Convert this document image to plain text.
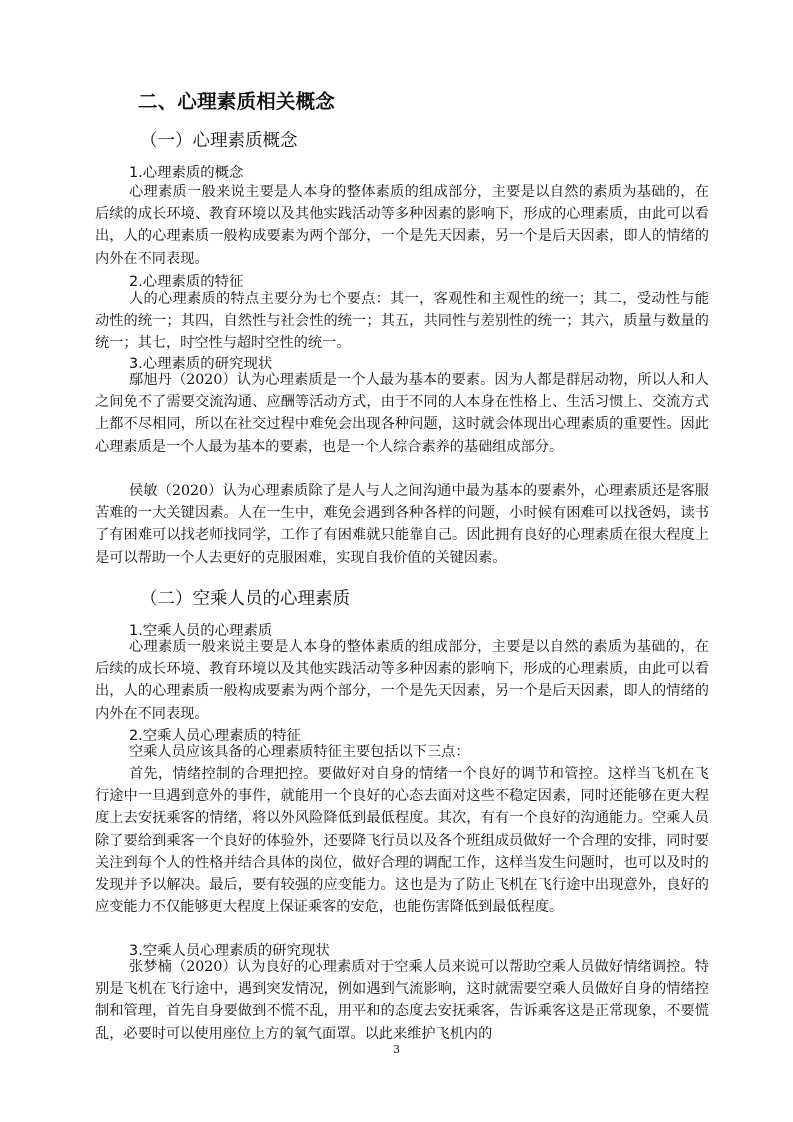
二、心理素质相关概念
（一）心理素质概念
1.心理素质的概念

心理素质一般来说主要是人本身的整体素质的组成部分，主要是以自然的素质为基础的，在后续的成长环境、教育环境以及其他实践活动等多种因素的影响下，形成的心理素质，由此可以看出，人的心理素质一般构成要素为两个部分，一个是先天因素，另一个是后天因素，即人的情绪的内外在不同表现。

2.心理素质的特征

人的心理素质的特点主要分为七个要点：其一，客观性和主观性的统一；其二，受动性与能动性的统一；其四，自然性与社会性的统一；其五，共同性与差别性的统一；其六，质量与数量的统一；其七，时空性与超时空性的统一。

3.心理素质的研究现状

鄢旭丹（2020）认为心理素质是一个人最为基本的要素。因为人都是群居动物，所以人和人之间免不了需要交流沟通、应酬等活动方式，由于不同的人本身在性格上、生活习惯上、交流方式上都不尽相同，所以在社交过程中难免会出现各种问题，这时就会体现出心理素质的重要性。因此心理素质是一个人最为基本的要素，也是一个人综合素养的基础组成部分。

侯敏（2020）认为心理素质除了是人与人之间沟通中最为基本的要素外，心理素质还是客服苦难的一大关键因素。人在一生中，难免会遇到各种各样的问题，小时候有困难可以找爸妈，读书了有困难可以找老师找同学，工作了有困难就只能靠自己。因此拥有良好的心理素质在很大程度上是可以帮助一个人去更好的克服困难，实现自我价值的关键因素。

（二）空乘人员的心理素质
1.空乘人员的心理素质

心理素质一般来说主要是人本身的整体素质的组成部分，主要是以自然的素质为基础的，在后续的成长环境、教育环境以及其他实践活动等多种因素的影响下，形成的心理素质，由此可以看出，人的心理素质一般构成要素为两个部分，一个是先天因素，另一个是后天因素，即人的情绪的内外在不同表现。

2.空乘人员心理素质的特征

空乘人员应该具备的心理素质特征主要包括以下三点：

首先，情绪控制的合理把控。要做好对自身的情绪一个良好的调节和管控。这样当飞机在飞行途中一旦遇到意外的事件，就能用一个良好的心态去面对这些不稳定因素，同时还能够在更大程度上去安抚乘客的情绪，将以外风险降低到最低程度。其次，有有一个良好的沟通能力。空乘人员除了要给到乘客一个良好的体验外，还要降飞行员以及各个班组成员做好一个合理的安排，同时要关注到每个人的性格并结合具体的岗位，做好合理的调配工作，这样当发生问题时，也可以及时的发现并予以解决。最后，要有较强的应变能力。这也是为了防止飞机在飞行途中出现意外，良好的应变能力不仅能够更大程度上保证乘客的安危，也能伤害降低到最低程度。

3.空乘人员心理素质的研究现状

张梦楠（2020）认为良好的心理素质对于空乘人员来说可以帮助空乘人员做好情绪调控。特别是飞机在飞行途中，遇到突发情况，例如遇到气流影响，这时就需要空乘人员做好自身的情绪控制和管理，首先自身要做到不慌不乱，用平和的态度去安抚乘客，告诉乘客这是正常现象，不要慌乱，必要时可以使用座位上方的氧气面罩。以此来维护飞机内的

3
